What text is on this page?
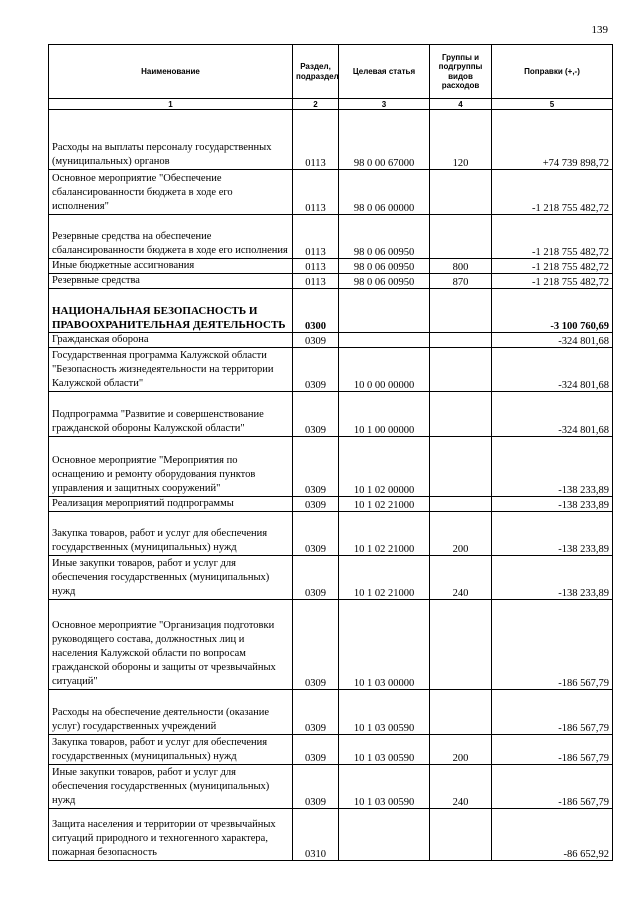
139
Наименование	Раздел, подраздел	Целевая статья	Группы и подгруппы видов расходов	Поправки (+,-)
1	2	3	4	5
Расходы на выплаты персоналу государственных (муниципальных) органов	0113	98 0 00 67000	120	+74 739 898,72
Основное мероприятие "Обеспечение сбалансированности бюджета в ходе его исполнения"	0113	98 0 06 00000		-1 218 755 482,72
Резервные средства на обеспечение сбалансированности бюджета в ходе его исполнения	0113	98 0 06 00950		-1 218 755 482,72
Иные бюджетные ассигнования	0113	98 0 06 00950	800	-1 218 755 482,72
Резервные средства	0113	98 0 06 00950	870	-1 218 755 482,72
НАЦИОНАЛЬНАЯ БЕЗОПАСНОСТЬ И ПРАВООХРАНИТЕЛЬНАЯ ДЕЯТЕЛЬНОСТЬ	0300			-3 100 760,69
Гражданская оборона	0309			-324 801,68
Государственная программа Калужской области "Безопасность жизнедеятельности на территории Калужской области"	0309	10 0 00 00000		-324 801,68
Подпрограмма "Развитие и совершенствование гражданской обороны Калужской области"	0309	10 1 00 00000		-324 801,68
Основное мероприятие "Мероприятия по оснащению и ремонту оборудования пунктов управления и защитных сооружений"	0309	10 1 02 00000		-138 233,89
Реализация мероприятий подпрограммы	0309	10 1 02 21000		-138 233,89
Закупка товаров, работ и услуг для обеспечения государственных (муниципальных) нужд	0309	10 1 02 21000	200	-138 233,89
Иные закупки товаров, работ и услуг для обеспечения государственных (муниципальных) нужд	0309	10 1 02 21000	240	-138 233,89
Основное мероприятие "Организация подготовки руководящего состава, должностных лиц и населения Калужской области по вопросам гражданской обороны и защиты от чрезвычайных ситуаций"	0309	10 1 03 00000		-186 567,79
Расходы на обеспечение деятельности (оказание услуг) государственных учреждений	0309	10 1 03 00590		-186 567,79
Закупка товаров, работ и услуг для обеспечения государственных (муниципальных) нужд	0309	10 1 03 00590	200	-186 567,79
Иные закупки товаров, работ и услуг для обеспечения государственных (муниципальных) нужд	0309	10 1 03 00590	240	-186 567,79
Защита населения и территории от чрезвычайных ситуаций природного и техногенного характера, пожарная безопасность	0310			-86 652,92
